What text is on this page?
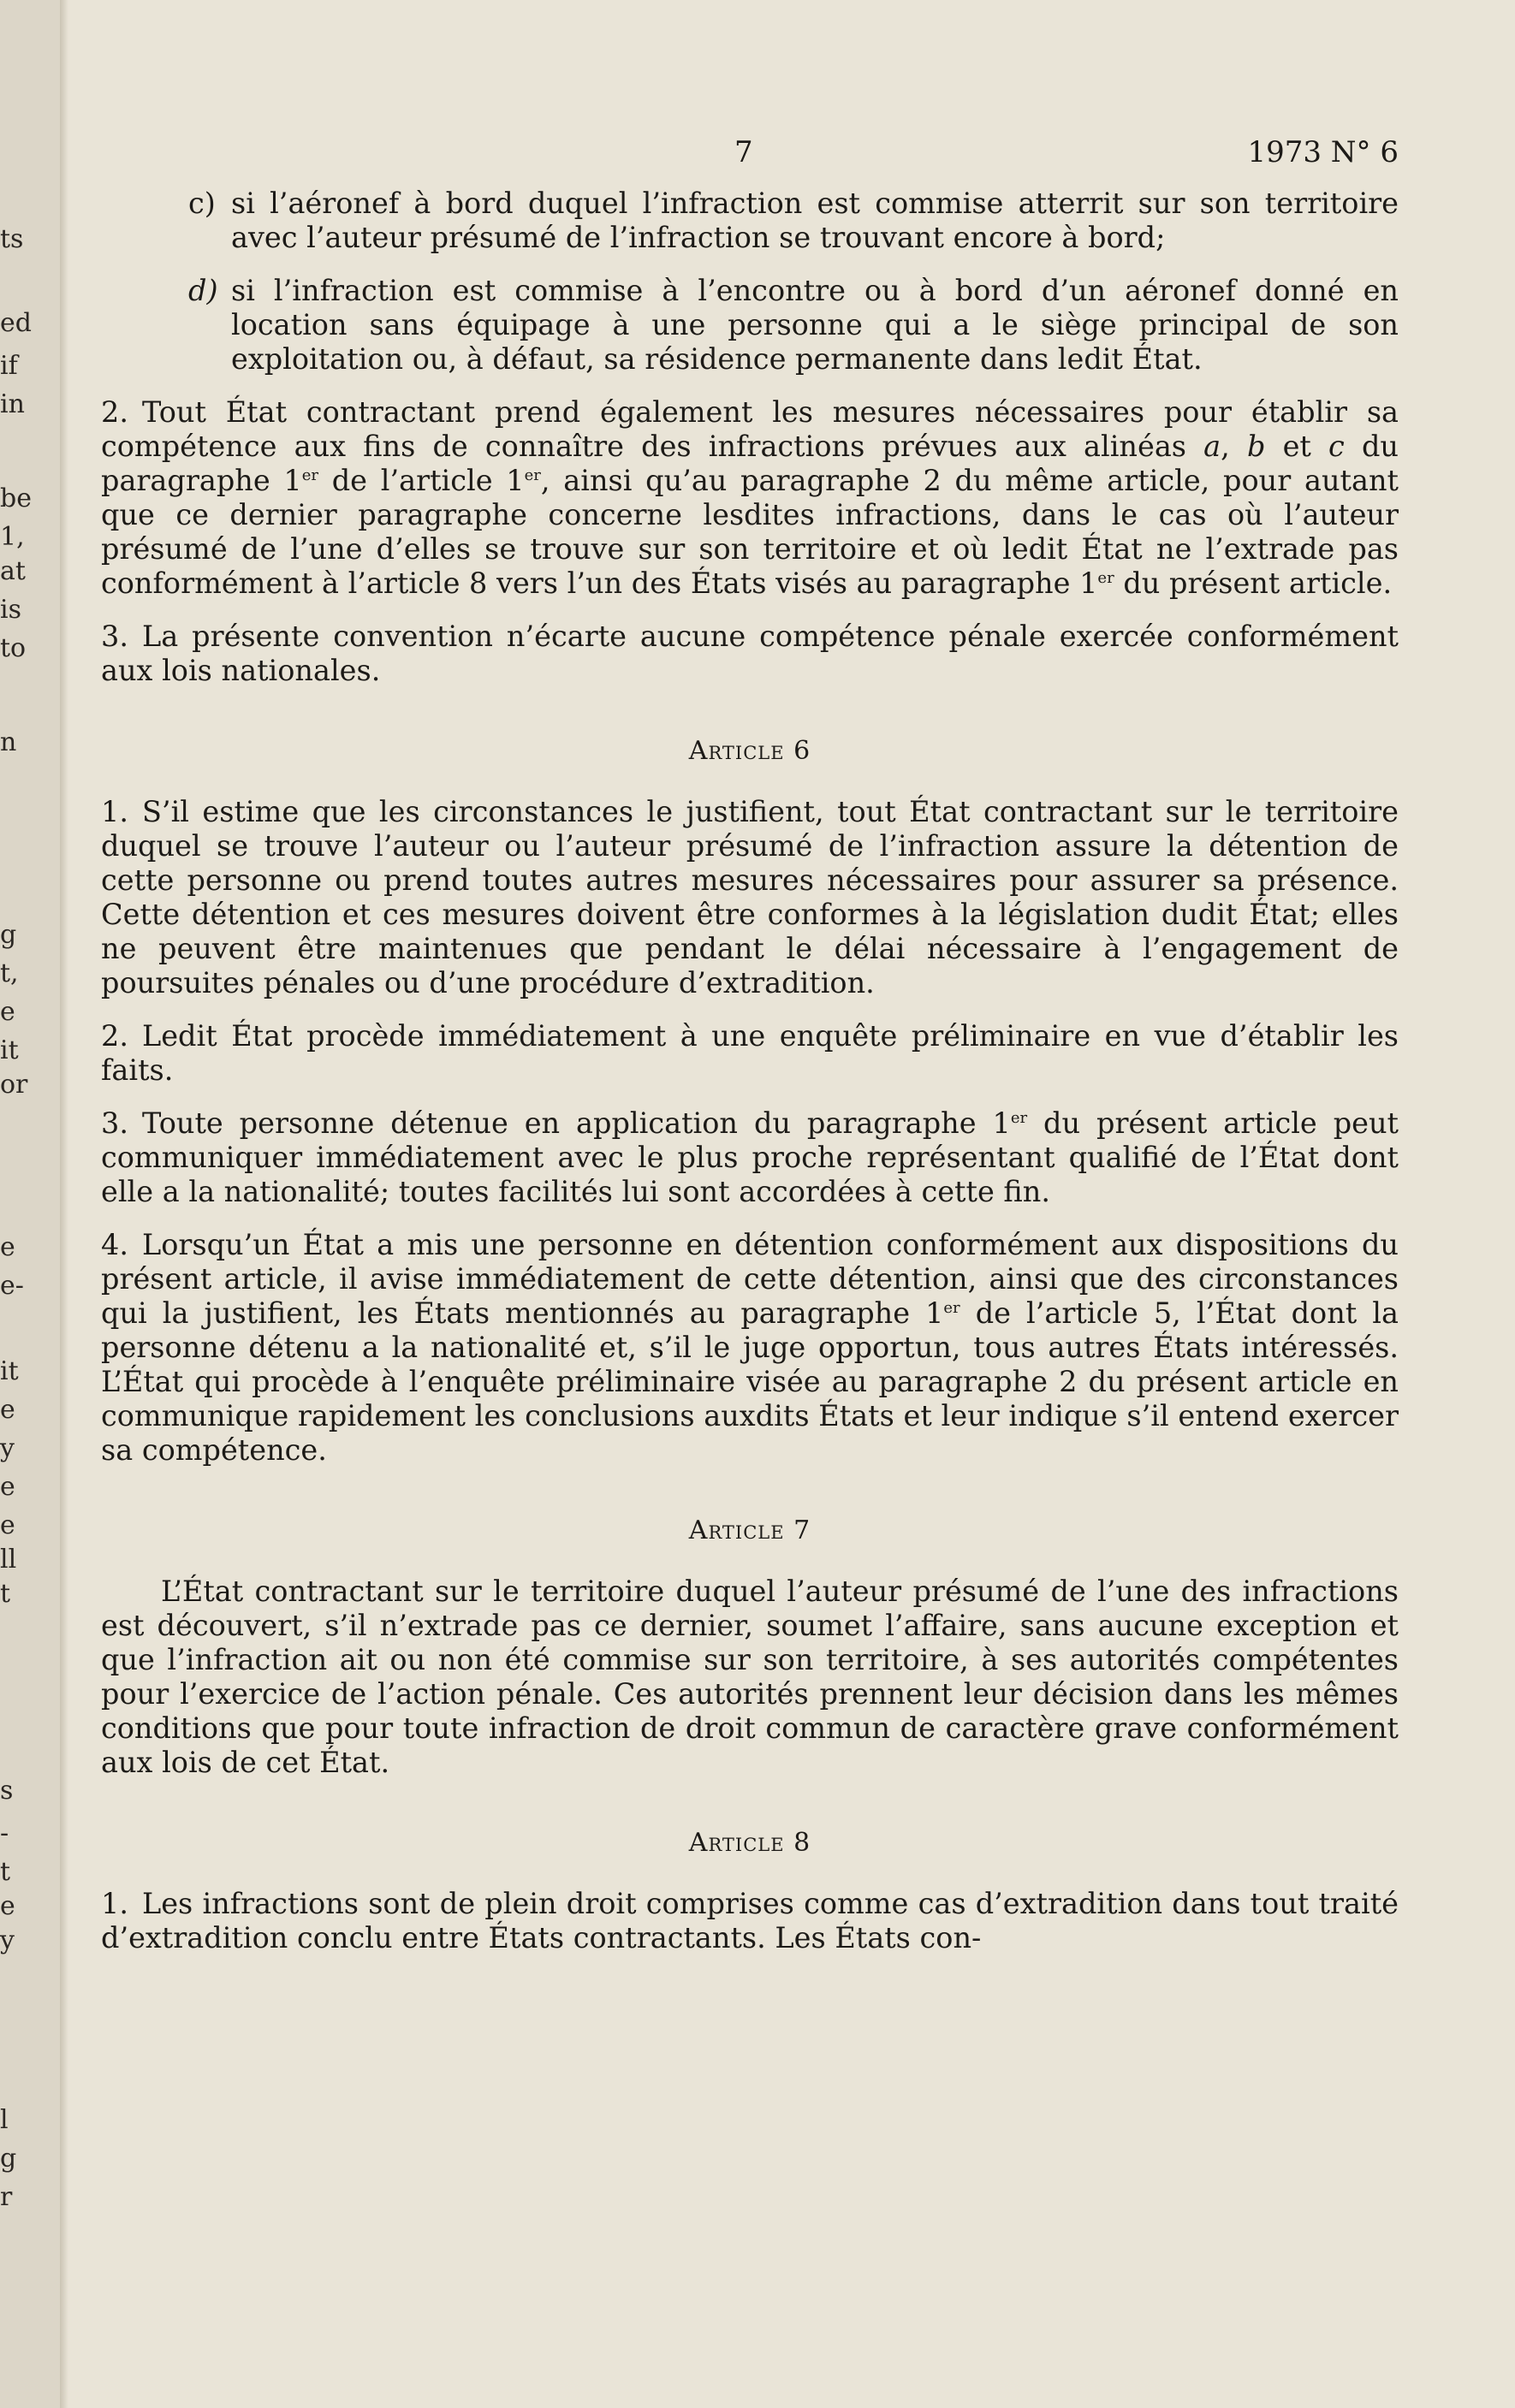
ts
ed
if
in
be
1,
at
is
to
n
g
t,
e
it
or
e
e-
it
e
y
e
e
ll
t
s
-
t
e
y
l
g
r
7	1973 N° 6
c) si l’aéronef à bord duquel l’infraction est commise atterrit sur son territoire avec l’auteur présumé de l’infraction se trouvant encore à bord;
d) si l’infraction est commise à l’encontre ou à bord d’un aéronef donné en location sans équipage à une personne qui a le siège principal de son exploitation ou, à défaut, sa résidence permanente dans ledit État.

2. Tout État contractant prend également les mesures nécessaires pour établir sa compétence aux fins de connaître des infractions prévues aux alinéas a, b et c du paragraphe 1er de l’article 1er, ainsi qu’au paragraphe 2 du même article, pour autant que ce dernier paragraphe concerne lesdites infractions, dans le cas où l’auteur présumé de l’une d’elles se trouve sur son territoire et où ledit État ne l’extrade pas conformément à l’article 8 vers l’un des États visés au paragraphe 1er du présent article.

3. La présente convention n’écarte aucune compétence pénale exercée conformément aux lois nationales.

Article 6

1. S’il estime que les circonstances le justifient, tout État contractant sur le territoire duquel se trouve l’auteur ou l’auteur présumé de l’infraction assure la détention de cette personne ou prend toutes autres mesures nécessaires pour assurer sa présence. Cette détention et ces mesures doivent être conformes à la législation dudit État; elles ne peuvent être maintenues que pendant le délai nécessaire à l’engagement de poursuites pénales ou d’une procédure d’extradition.

2. Ledit État procède immédiatement à une enquête préliminaire en vue d’établir les faits.

3. Toute personne détenue en application du paragraphe 1er du présent article peut communiquer immédiatement avec le plus proche représentant qualifié de l’État dont elle a la nationalité; toutes facilités lui sont accordées à cette fin.

4. Lorsqu’un État a mis une personne en détention conformément aux dispositions du présent article, il avise immédiatement de cette détention, ainsi que des circonstances qui la justifient, les États mentionnés au paragraphe 1er de l’article 5, l’État dont la personne détenu a la nationalité et, s’il le juge opportun, tous autres États intéressés. L’État qui procède à l’enquête préliminaire visée au paragraphe 2 du présent article en communique rapidement les conclusions auxdits États et leur indique s’il entend exercer sa compétence.

Article 7

L’État contractant sur le territoire duquel l’auteur présumé de l’une des infractions est découvert, s’il n’extrade pas ce dernier, soumet l’affaire, sans aucune exception et que l’infraction ait ou non été commise sur son territoire, à ses autorités compétentes pour l’exercice de l’action pénale. Ces autorités prennent leur décision dans les mêmes conditions que pour toute infraction de droit commun de caractère grave conformément aux lois de cet État.

Article 8

1. Les infractions sont de plein droit comprises comme cas d’extradition dans tout traité d’extradition conclu entre États contractants. Les États con-
